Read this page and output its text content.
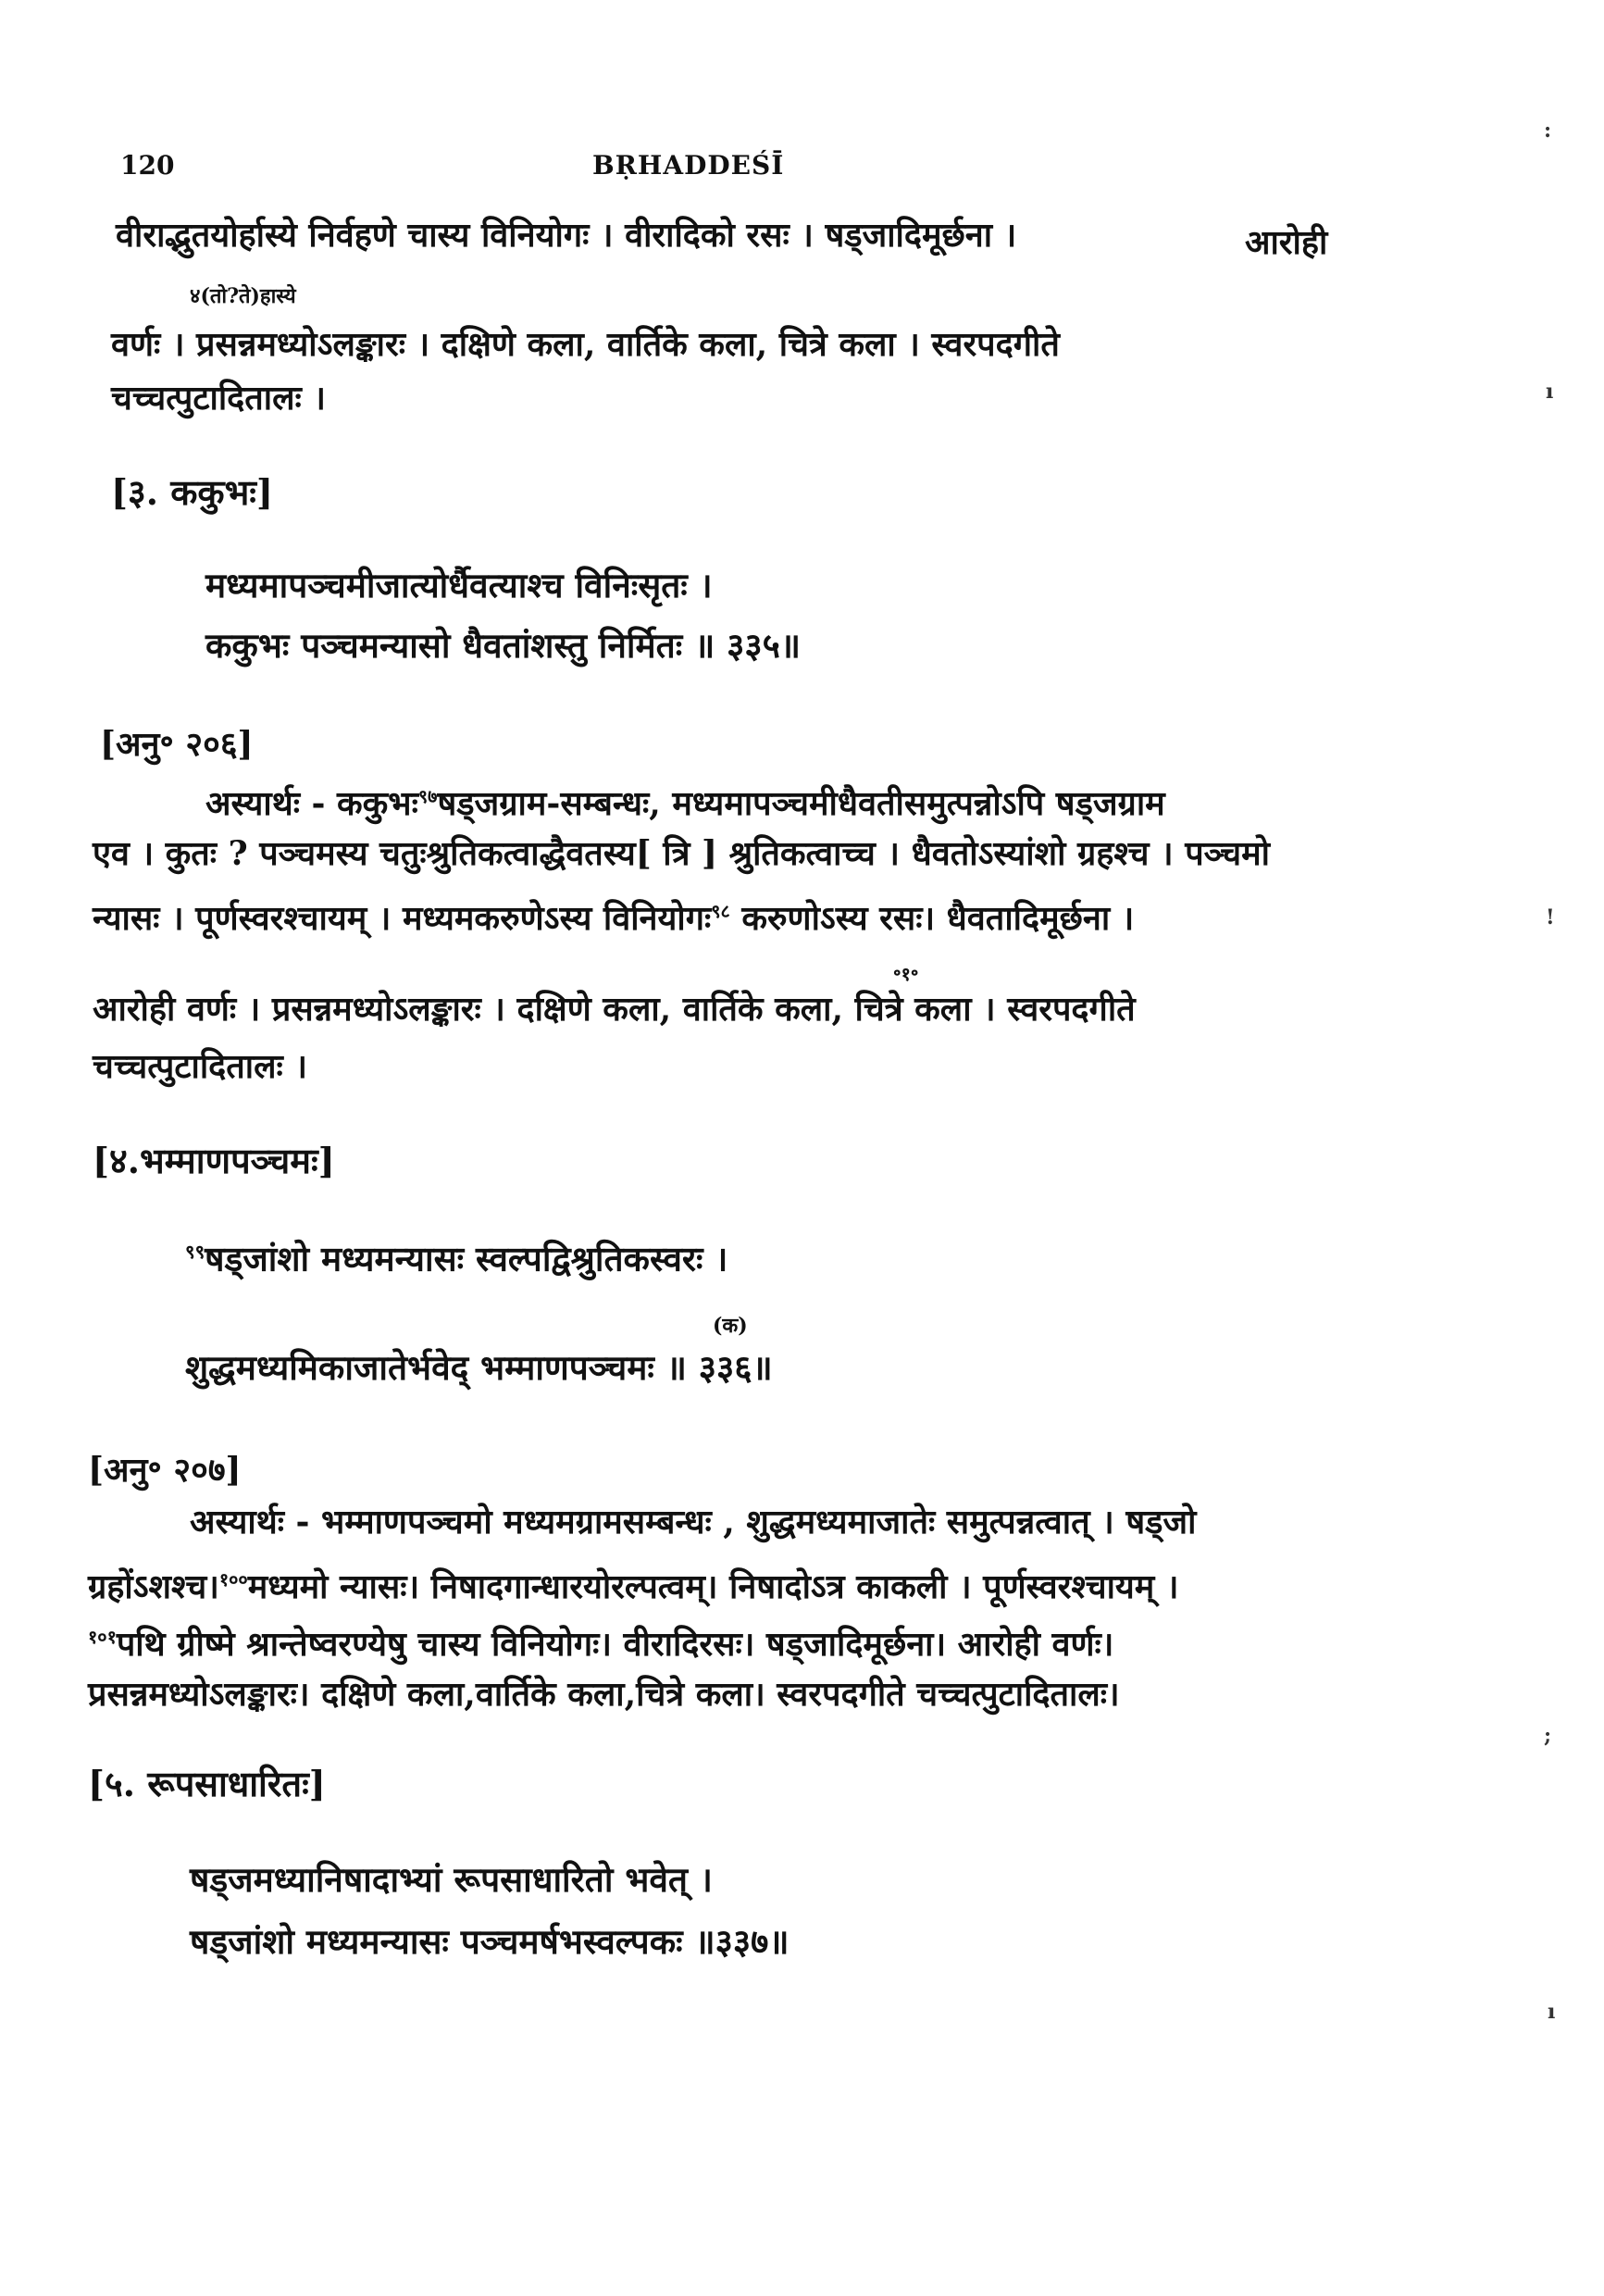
120	BṚHADDEŚĪ
वीराद्भुतयोर्हास्ये निर्वहणे चास्य विनियोगः । वीरादिको रसः । षड्जादिमूर्छना ।	आरोही
४(तो?ते)हास्ये
वर्णः । प्रसन्नमध्योऽलङ्कारः । दक्षिणे कला, वार्तिके कला, चित्रे कला । स्वरपदगीते
चच्चत्पुटादितालः ।
[३. ककुभः]
मध्यमापञ्चमीजात्योर्धैवत्याश्च विनिःसृतः ।
ककुभः पञ्चमन्यासो धैवतांशस्तु निर्मितः ॥ ३३५॥
[अनु॰ २०६]
अस्यार्थः - ककुभः$^{९७}$षड्जग्राम-सम्बन्धः, मध्यमापञ्चमीधैवतीसमुत्पन्नोऽपि षड्जग्राम
एव । कुतः ? पञ्चमस्य चतुःश्रुतिकत्वाद्धैवतस्य[ त्रि ] श्रुतिकत्वाच्च । धैवतोऽस्यांशो ग्रहश्च । पञ्चमो
न्यासः । पूर्णस्वरश्चायम् । मध्यमकरुणेऽस्य विनियोगः$^{९८}$ करुणोऽस्य रसः। धैवतादिमूर्छना ।
॰१॰
आरोही वर्णः । प्रसन्नमध्योऽलङ्कारः । दक्षिणे कला, वार्तिके कला, चित्रे कला । स्वरपदगीते
चच्चत्पुटादितालः ।
[४.भम्माणपञ्चमः]
$^{९९}$षड्जांशो मध्यमन्यासः स्वल्पद्विश्रुतिकस्वरः ।
(क)
शुद्धमध्यमिकाजातेर्भवेद् भम्माणपञ्चमः ॥ ३३६॥
[अनु॰ २०७]
अस्यार्थः - भम्माणपञ्चमो मध्यमग्रामसम्बन्धः , शुद्धमध्यमाजातेः समुत्पन्नत्वात् । षड्जो
ग्रहोंऽशश्च।$^{१००}$मध्यमो न्यासः। निषादगान्धारयोरल्पत्वम्। निषादोऽत्र काकली । पूर्णस्वरश्चायम् ।
$^{१०१}$पथि ग्रीष्मे श्रान्तेष्वरण्येषु चास्य विनियोगः। वीरादिरसः। षड्जादिमूर्छना। आरोही वर्णः।
प्रसन्नमध्योऽलङ्कारः। दक्षिणे कला,वार्तिके कला,चित्रे कला। स्वरपदगीते चच्चत्पुटादितालः।
[५. रूपसाधारितः]
षड्जमध्यानिषादाभ्यां रूपसाधारितो भवेत् ।
षड्जांशो मध्यमन्यासः पञ्चमर्षभस्वल्पकः ॥३३७॥
:
ı
!
;
ı
